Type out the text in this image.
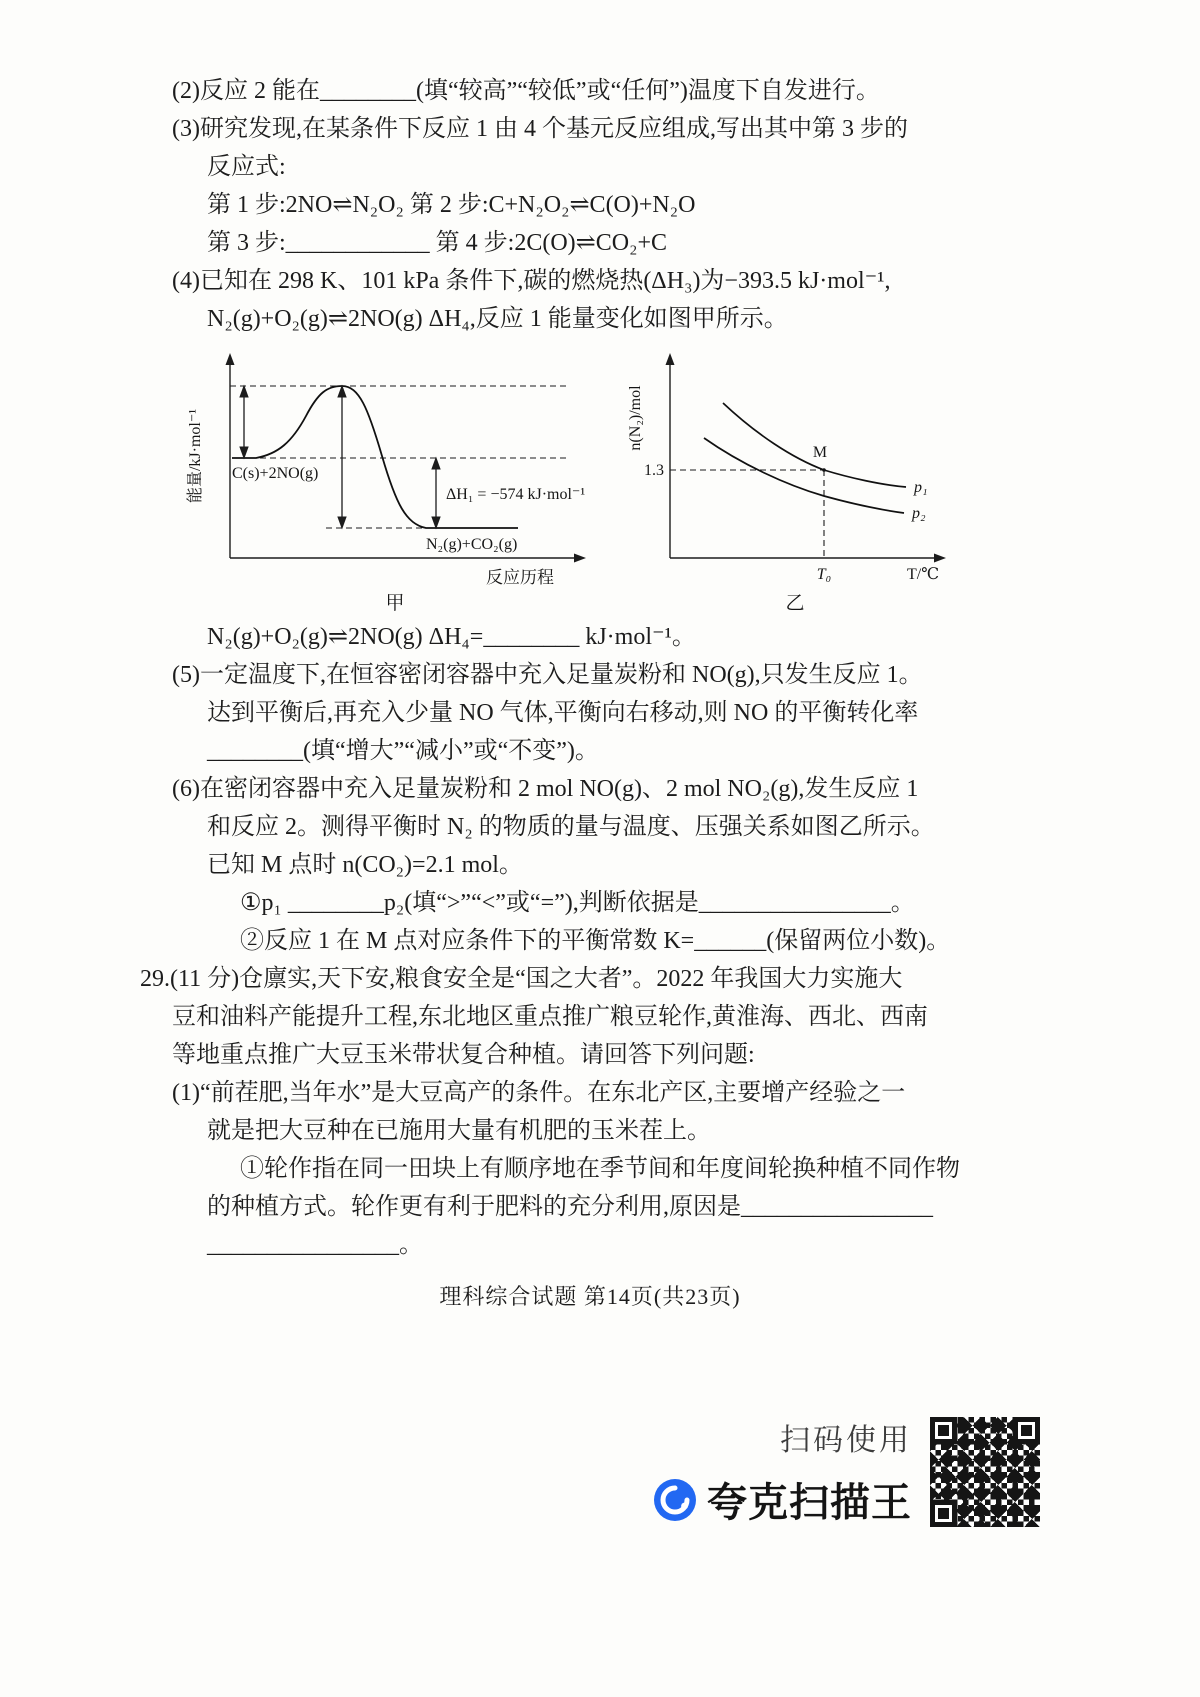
(2)反应 2 能在________(填“较高”“较低”或“任何”)温度下自发进行。
(3)研究发现,在某条件下反应 1 由 4 个基元反应组成,写出其中第 3 步的
反应式:
第 1 步:2NO⇌N₂O₂ 第 2 步:C+N₂O₂⇌C(O)+N₂O
第 3 步:____________ 第 4 步:2C(O)⇌CO₂+C
(4)已知在 298 K、101 kPa 条件下,碳的燃烧热(ΔH₃)为−393.5 kJ·mol⁻¹,
N₂(g)+O₂(g)⇌2NO(g) ΔH₄,反应 1 能量变化如图甲所示。
能量/kJ·mol⁻¹ C(s)+2NO(g)
ΔH₁ = −574 kJ·mol⁻¹
N₂(g)+CO₂(g)
反应历程
甲
n(N₂)/mol
1.3
M
p₁
p₂
T₀	T/℃
乙
N₂(g)+O₂(g)⇌2NO(g) ΔH₄=________ kJ·mol⁻¹。
(5)一定温度下,在恒容密闭容器中充入足量炭粉和 NO(g),只发生反应 1。
达到平衡后,再充入少量 NO 气体,平衡向右移动,则 NO 的平衡转化率
________(填“增大”“减小”或“不变”)。
(6)在密闭容器中充入足量炭粉和 2 mol NO(g)、2 mol NO₂(g),发生反应 1
和反应 2。测得平衡时 N₂ 的物质的量与温度、压强关系如图乙所示。
已知 M 点时 n(CO₂)=2.1 mol。
①p₁ ________p₂(填“>”“<”或“=”),判断依据是________________。
②反应 1 在 M 点对应条件下的平衡常数 K=______(保留两位小数)。
29.(11 分)仓廪实,天下安,粮食安全是“国之大者”。2022 年我国大力实施大
豆和油料产能提升工程,东北地区重点推广粮豆轮作,黄淮海、西北、西南
等地重点推广大豆玉米带状复合种植。请回答下列问题:
(1)“前茬肥,当年水”是大豆高产的条件。在东北产区,主要增产经验之一
就是把大豆种在已施用大量有机肥的玉米茬上。
①轮作指在同一田块上有顺序地在季节间和年度间轮换种植不同作物
的种植方式。轮作更有利于肥料的充分利用,原因是________________
________________。
理科综合试题 第14页(共23页)
扫码使用
夸克扫描王
